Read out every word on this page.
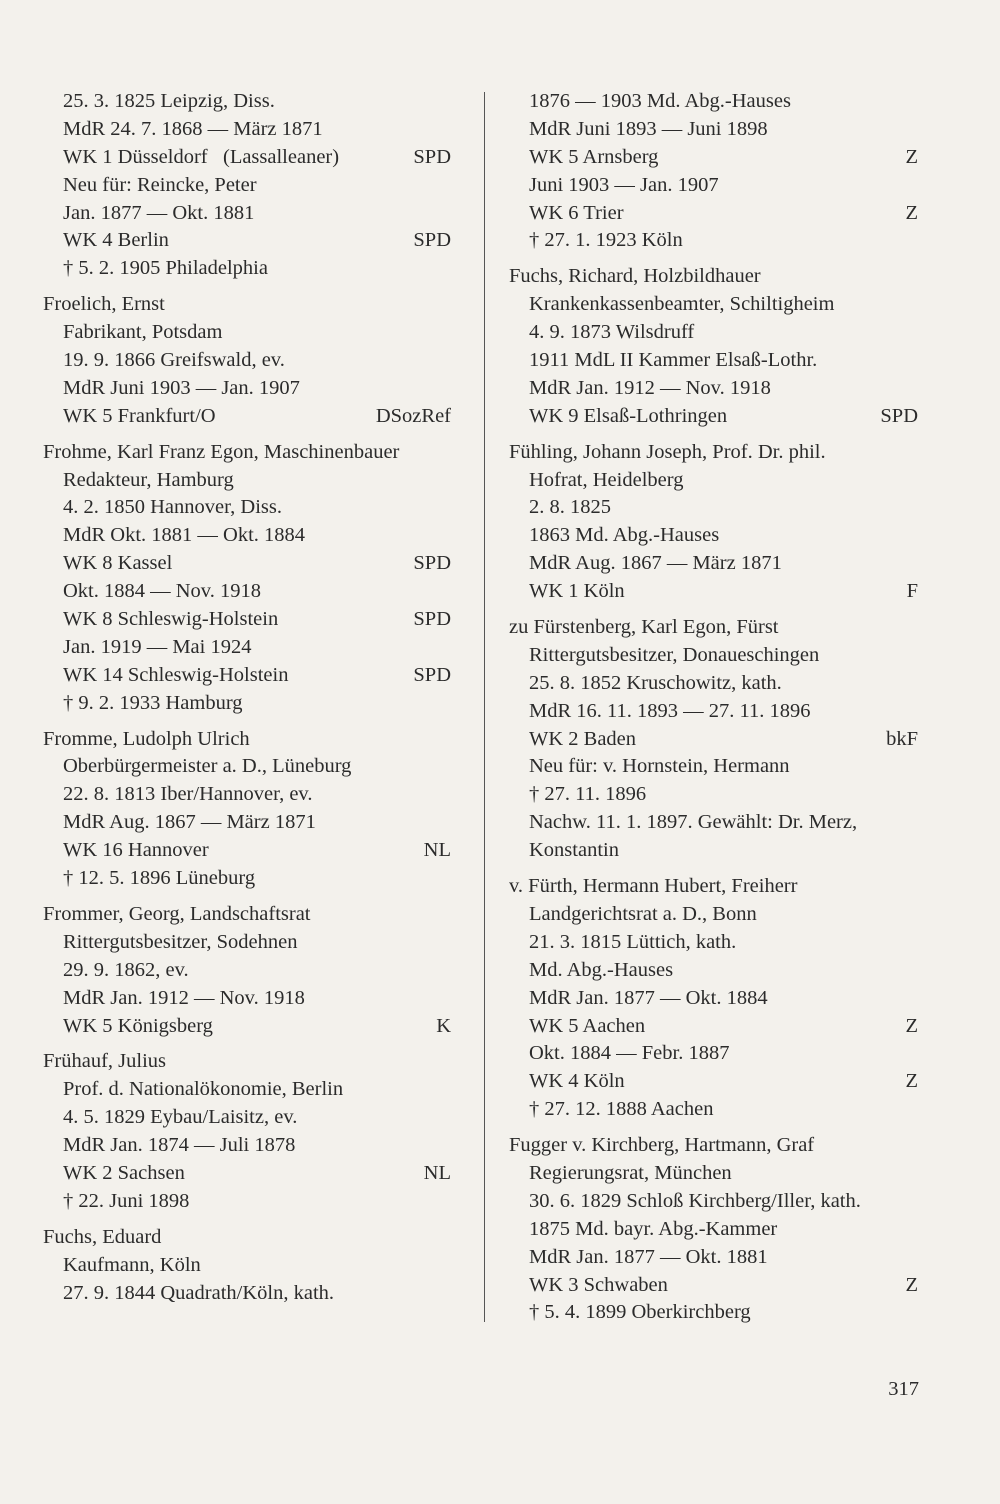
25. 3. 1825 Leipzig, Diss.
MdR 24. 7. 1868 — März 1871
WK 1 Düsseldorf   (Lassalleaner)	SPD
Neu für: Reincke, Peter
Jan. 1877 — Okt. 1881
WK 4 Berlin	SPD
† 5. 2. 1905 Philadelphia
Froelich, Ernst
Fabrikant, Potsdam
19. 9. 1866 Greifswald, ev.
MdR Juni 1903 — Jan. 1907
WK 5 Frankfurt/O	DSozRef
Frohme, Karl Franz Egon, Maschinenbauer
Redakteur, Hamburg
4. 2. 1850 Hannover, Diss.
MdR Okt. 1881 — Okt. 1884
WK 8 Kassel	SPD
Okt. 1884 — Nov. 1918
WK 8 Schleswig-Holstein	SPD
Jan. 1919 — Mai 1924
WK 14 Schleswig-Holstein	SPD
† 9. 2. 1933 Hamburg
Fromme, Ludolph Ulrich
Oberbürgermeister a. D., Lüneburg
22. 8. 1813 Iber/Hannover, ev.
MdR Aug. 1867 — März 1871
WK 16 Hannover	NL
† 12. 5. 1896 Lüneburg
Frommer, Georg, Landschaftsrat
Rittergutsbesitzer, Sodehnen
29. 9. 1862, ev.
MdR Jan. 1912 — Nov. 1918
WK 5 Königsberg	K
Frühauf, Julius
Prof. d. Nationalökonomie, Berlin
4. 5. 1829 Eybau/Laisitz, ev.
MdR Jan. 1874 — Juli 1878
WK 2 Sachsen	NL
† 22. Juni 1898
Fuchs, Eduard
Kaufmann, Köln
27. 9. 1844 Quadrath/Köln, kath.
1876 — 1903 Md. Abg.-Hauses
MdR Juni 1893 — Juni 1898
WK 5 Arnsberg	Z
Juni 1903 — Jan. 1907
WK 6 Trier	Z
† 27. 1. 1923 Köln
Fuchs, Richard, Holzbildhauer
Krankenkassenbeamter, Schiltigheim
4. 9. 1873 Wilsdruff
1911 MdL II Kammer Elsaß-Lothr.
MdR Jan. 1912 — Nov. 1918
WK 9 Elsaß-Lothringen	SPD
Fühling, Johann Joseph, Prof. Dr. phil.
Hofrat, Heidelberg
2. 8. 1825
1863 Md. Abg.-Hauses
MdR Aug. 1867 — März 1871
WK 1 Köln	F
zu Fürstenberg, Karl Egon, Fürst
Rittergutsbesitzer, Donaueschingen
25. 8. 1852 Kruschowitz, kath.
MdR 16. 11. 1893 — 27. 11. 1896
WK 2 Baden	bkF
Neu für: v. Hornstein, Hermann
† 27. 11. 1896
Nachw. 11. 1. 1897. Gewählt: Dr. Merz,
Konstantin
v. Fürth, Hermann Hubert, Freiherr
Landgerichtsrat a. D., Bonn
21. 3. 1815 Lüttich, kath.
Md. Abg.-Hauses
MdR Jan. 1877 — Okt. 1884
WK 5 Aachen	Z
Okt. 1884 — Febr. 1887
WK 4 Köln	Z
† 27. 12. 1888 Aachen
Fugger v. Kirchberg, Hartmann, Graf
Regierungsrat, München
30. 6. 1829 Schloß Kirchberg/Iller, kath.
1875 Md. bayr. Abg.-Kammer
MdR Jan. 1877 — Okt. 1881
WK 3 Schwaben	Z
† 5. 4. 1899 Oberkirchberg
317
